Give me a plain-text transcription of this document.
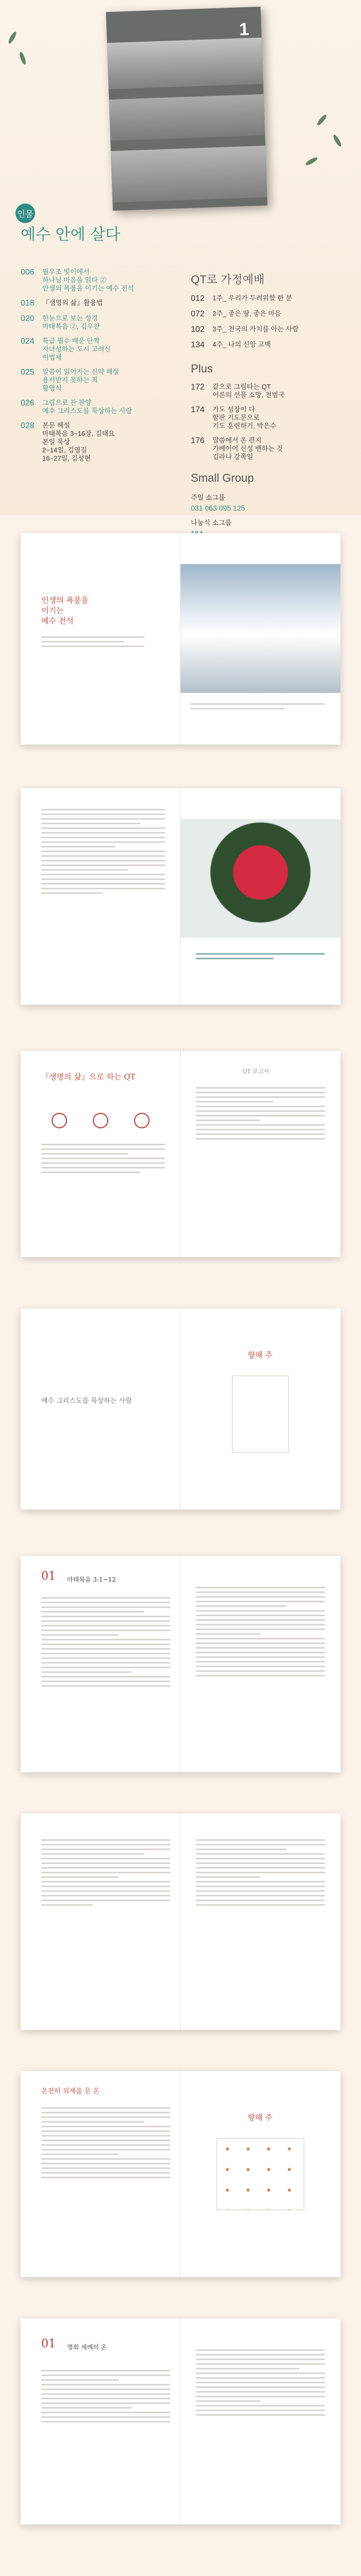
1
인물
예수 안에 살다
006	필우조 빛이에서
하나님 마음을 읽다 ②
안생의 폭풍을 이기는 예수 전석
018	『생명의 삶』활용법
020	한눈으로 보는 성경
마태복음 ②, 김우찬
024	특급 필수 배운 단짝
자녀성하는 도시 고려신
이법재
025	말씀이 읽어지는 신약 해설
용서받지 못하는 죄
황영석
026	그림으로 찬 찬양
예수 그리스도를 묵상하는 사람
028	본문 해설
마태복음 3~16장, 김태요
본일 묵상
2~14일, 김영길
16~27일, 김성현
QT로 가정예배
012	1주_ 우리가 두려워할 한 분
072	2주_ 좋은 땅, 좋은 마음
102	3주_ 천국의 가치를 아는 사람
134	4주_ 나의 신앙 고백
Plus
172	같으로 그림타는 QT
어른의 선물 소망, 천범국
174	가도 성장이 다
함판 기도문으로
기도 훈련하기, 박은수
176	말씀에서 온 편지
가베이어 신성 밴하는 것
김라나 강쪽일
Small Group
주일 소그룹
031 063 095 125
나눔식 소그룹
인생의 폭풍을
이기는
예수 전석
『생명의 삶』으로 하는 QT
QT 보고서
예수 그리스도를 묵상하는 사람
향해 주
01 마태복음 3:1~12
온전히 의제를 문 온
향해 주
01 명회 세례의 온
